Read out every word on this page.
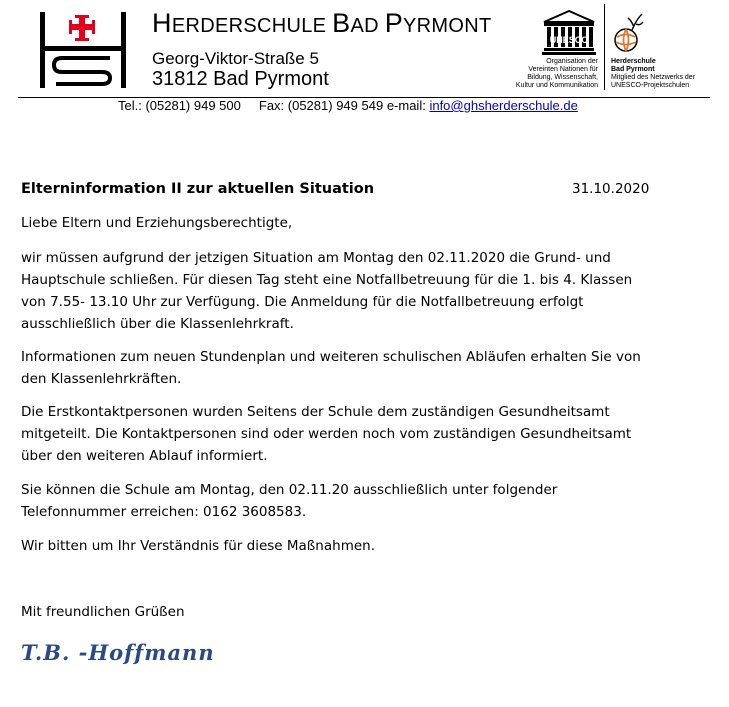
HERDERSCHULE BAD PYRMONT
Georg-Viktor-Straße 5
31812 Bad Pyrmont
UNESCO
Organisation der
Vereinten Nationen für
Bildung, Wissenschaft,
Kultur und Kommunikation
Herderschule
Bad Pyrmont
Mitglied des Netzwerks der
UNESCO-Projektschulen
Tel.: (05281) 949 500 Fax: (05281) 949 549 e-mail: info@ghsherderschule.de
Elterninformation II zur aktuellen Situation	31.10.2020
Liebe Eltern und Erziehungsberechtigte,
wir müssen aufgrund der jetzigen Situation am Montag den 02.11.2020 die Grund- und
Hauptschule schließen. Für diesen Tag steht eine Notfallbetreuung für die 1. bis 4. Klassen
von 7.55- 13.10 Uhr zur Verfügung. Die Anmeldung für die Notfallbetreuung erfolgt
ausschließlich über die Klassenlehrkraft.
Informationen zum neuen Stundenplan und weiteren schulischen Abläufen erhalten Sie von
den Klassenlehrkräften.
Die Erstkontaktpersonen wurden Seitens der Schule dem zuständigen Gesundheitsamt
mitgeteilt. Die Kontaktpersonen sind oder werden noch vom zuständigen Gesundheitsamt
über den weiteren Ablauf informiert.
Sie können die Schule am Montag, den 02.11.20 ausschließlich unter folgender
Telefonnummer erreichen: 0162 3608583.
Wir bitten um Ihr Verständnis für diese Maßnahmen.
Mit freundlichen Grüßen
T.B. -Hoffmann
